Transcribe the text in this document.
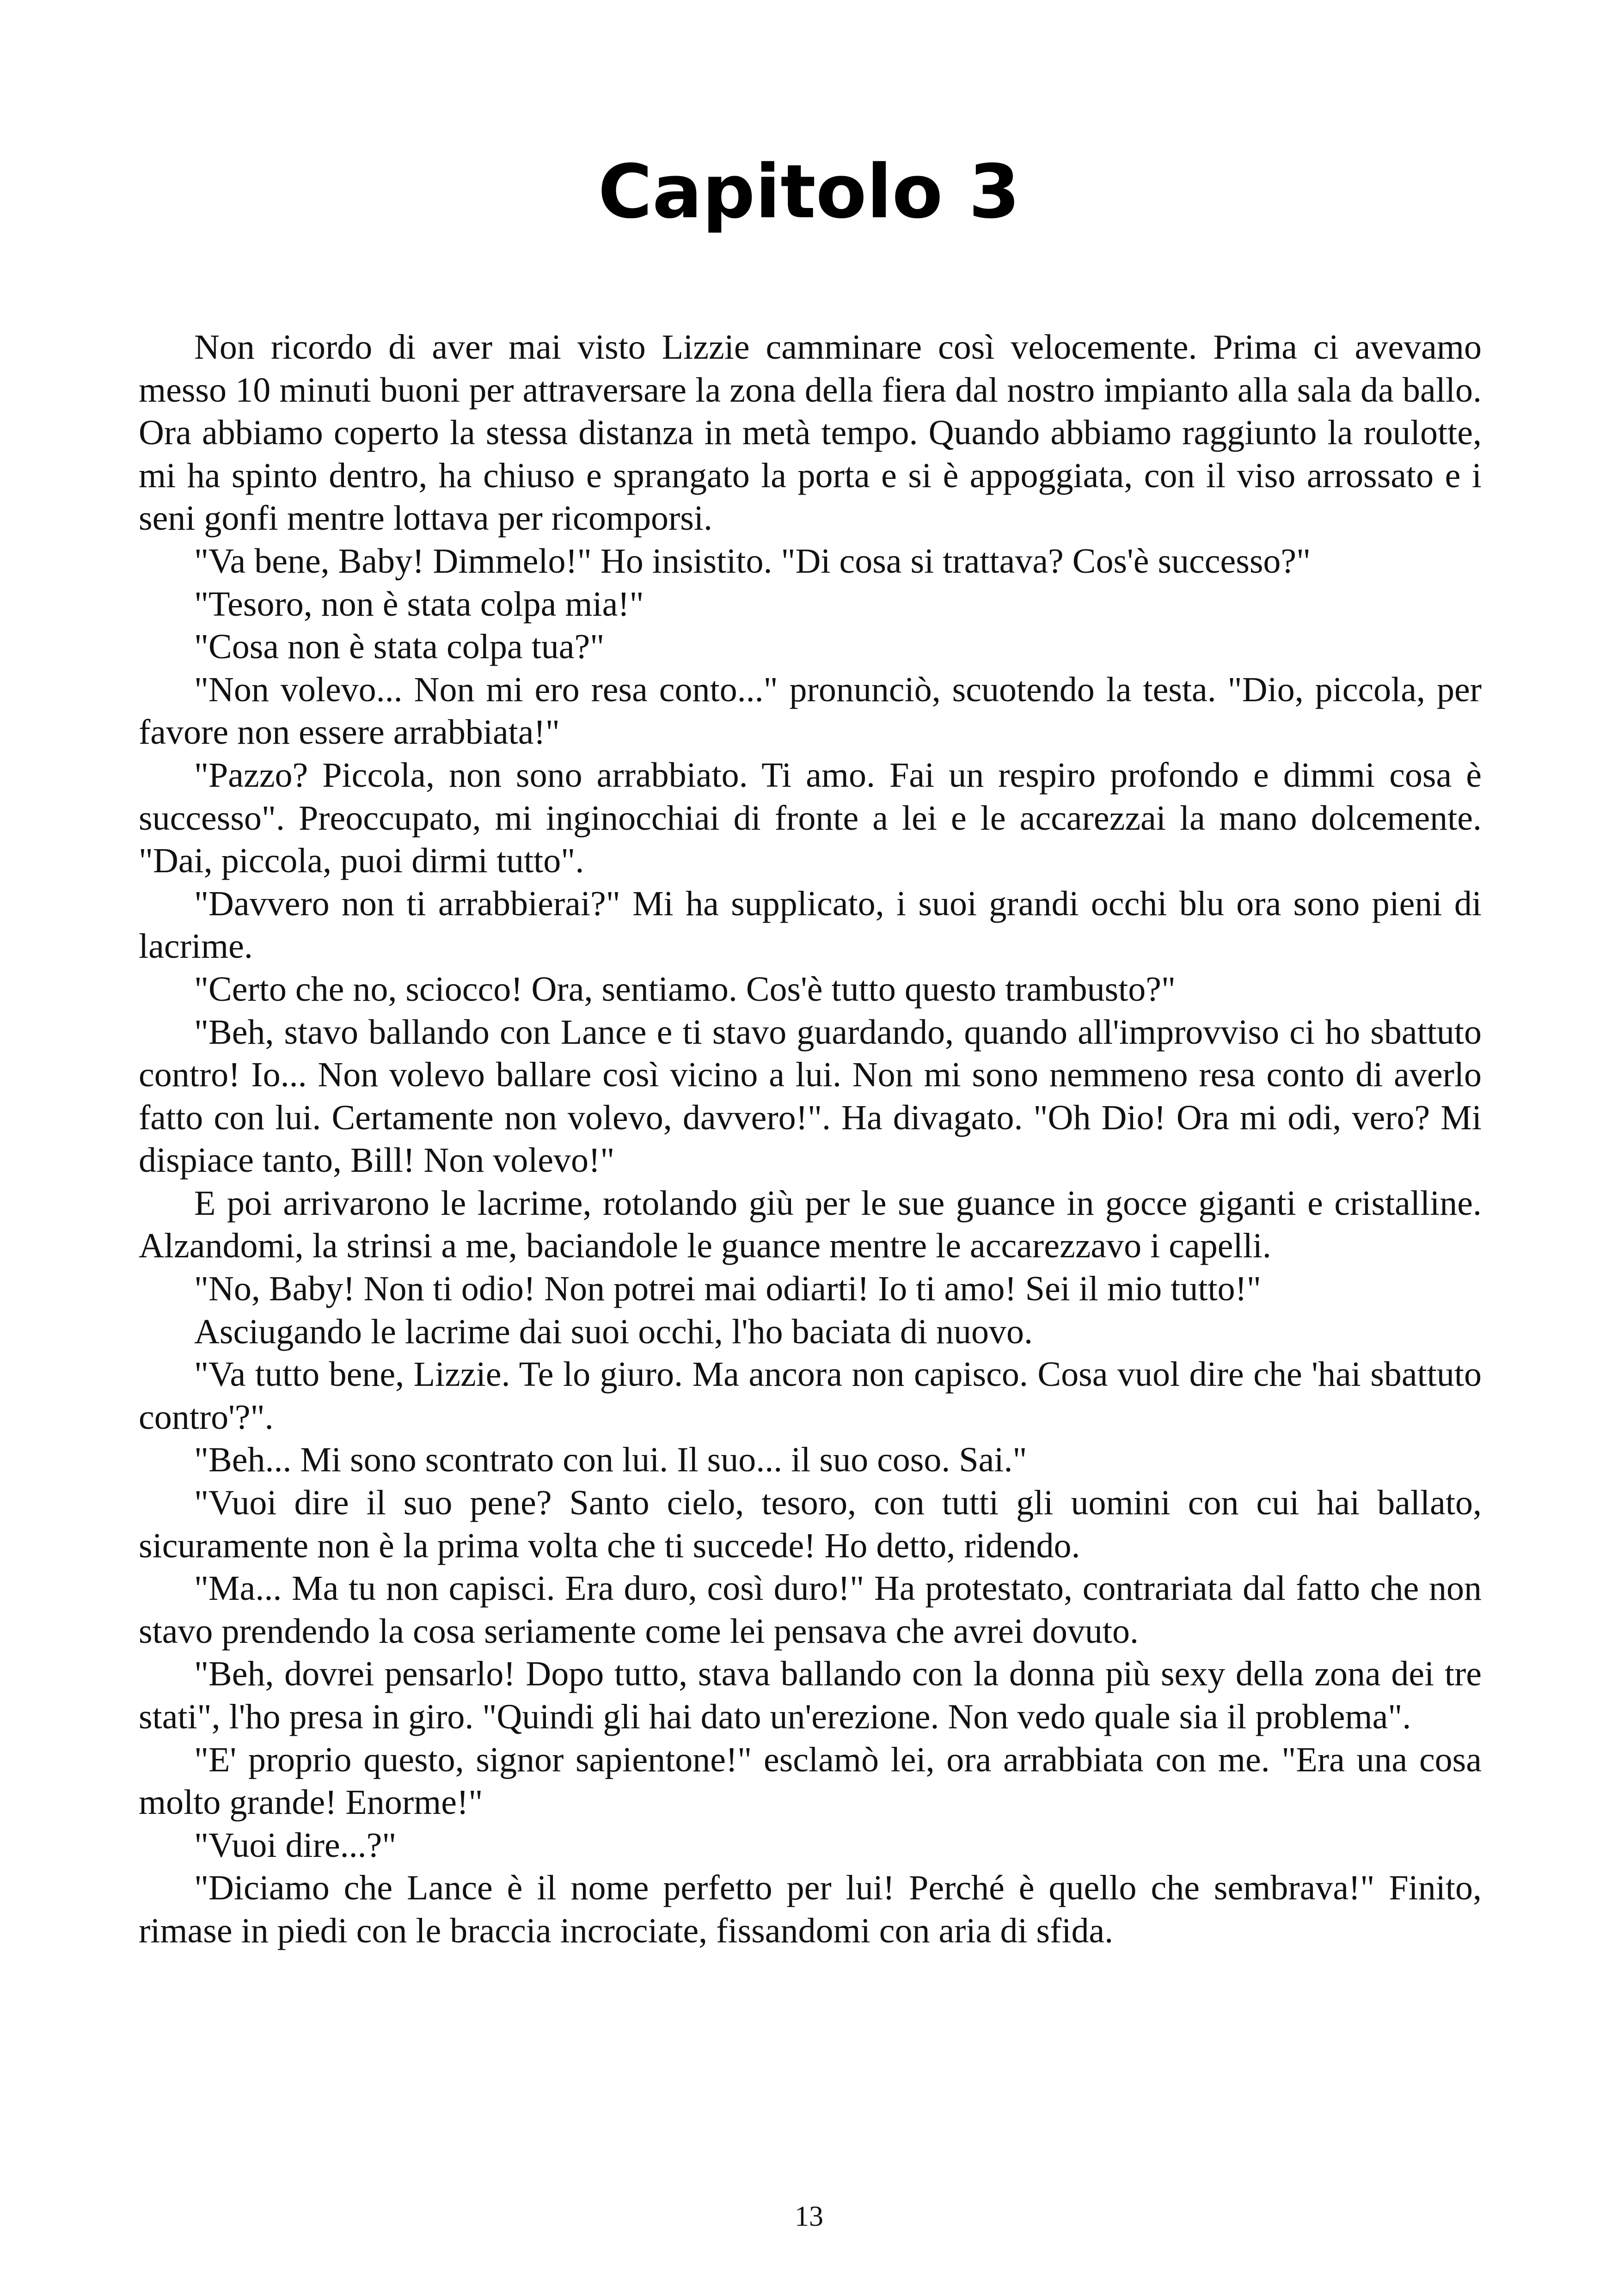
Capitolo 3

Non ricordo di aver mai visto Lizzie camminare così velocemente. Prima ci avevamo messo 10 minuti buoni per attraversare la zona della fiera dal nostro impianto alla sala da ballo. Ora abbiamo coperto la stessa distanza in metà tempo. Quando abbiamo raggiunto la roulotte, mi ha spinto dentro, ha chiuso e sprangato la porta e si è appoggiata, con il viso arrossato e i seni gonfi mentre lottava per ricomporsi.

"Va bene, Baby! Dimmelo!" Ho insistito. "Di cosa si trattava? Cos'è successo?"

"Tesoro, non è stata colpa mia!"

"Cosa non è stata colpa tua?"

"Non volevo... Non mi ero resa conto..." pronunciò, scuotendo la testa. "Dio, piccola, per favore non essere arrabbiata!"

"Pazzo? Piccola, non sono arrabbiato. Ti amo. Fai un respiro profondo e dimmi cosa è successo". Preoccupato, mi inginocchiai di fronte a lei e le accarezzai la mano dolcemente. "Dai, piccola, puoi dirmi tutto".

"Davvero non ti arrabbierai?" Mi ha supplicato, i suoi grandi occhi blu ora sono pieni di lacrime.

"Certo che no, sciocco! Ora, sentiamo. Cos'è tutto questo trambusto?"

"Beh, stavo ballando con Lance e ti stavo guardando, quando all'improvviso ci ho sbattuto contro! Io... Non volevo ballare così vicino a lui. Non mi sono nemmeno resa conto di averlo fatto con lui. Certamente non volevo, davvero!". Ha divagato. "Oh Dio! Ora mi odi, vero? Mi dispiace tanto, Bill! Non volevo!"

E poi arrivarono le lacrime, rotolando giù per le sue guance in gocce giganti e cristalline. Alzandomi, la strinsi a me, baciandole le guance mentre le accarezzavo i capelli.

"No, Baby! Non ti odio! Non potrei mai odiarti! Io ti amo! Sei il mio tutto!"

Asciugando le lacrime dai suoi occhi, l'ho baciata di nuovo.

"Va tutto bene, Lizzie. Te lo giuro. Ma ancora non capisco. Cosa vuol dire che 'hai sbattuto contro'?".

"Beh... Mi sono scontrato con lui. Il suo... il suo coso. Sai."

"Vuoi dire il suo pene? Santo cielo, tesoro, con tutti gli uomini con cui hai ballato, sicuramente non è la prima volta che ti succede! Ho detto, ridendo.

"Ma... Ma tu non capisci. Era duro, così duro!" Ha protestato, contrariata dal fatto che non stavo prendendo la cosa seriamente come lei pensava che avrei dovuto.

"Beh, dovrei pensarlo! Dopo tutto, stava ballando con la donna più sexy della zona dei tre stati", l'ho presa in giro. "Quindi gli hai dato un'erezione. Non vedo quale sia il problema".

"E' proprio questo, signor sapientone!" esclamò lei, ora arrabbiata con me. "Era una cosa molto grande! Enorme!"

"Vuoi dire...?"

"Diciamo che Lance è il nome perfetto per lui! Perché è quello che sembrava!" Finito, rimase in piedi con le braccia incrociate, fissandomi con aria di sfida.

13
